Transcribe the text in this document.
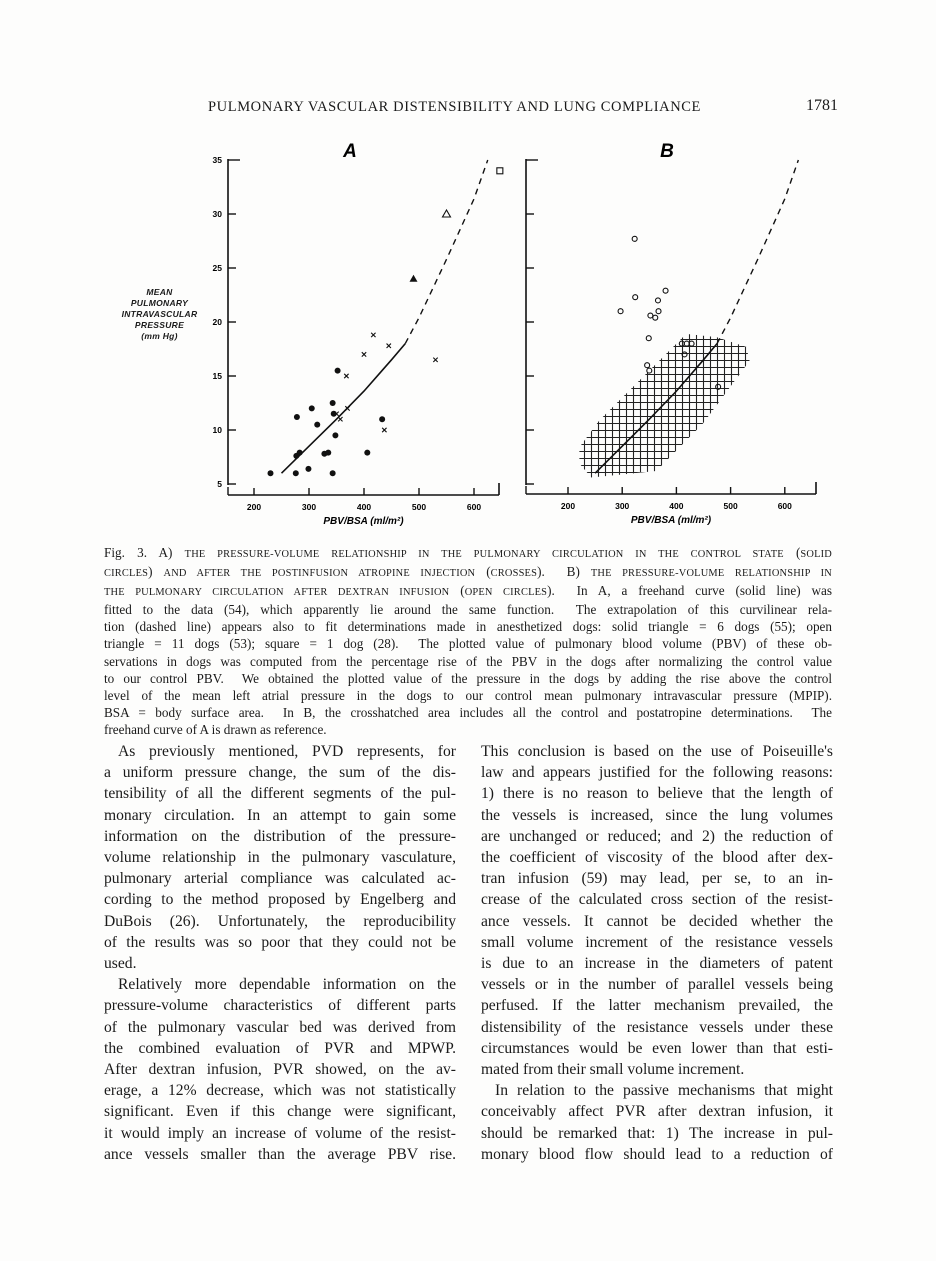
PULMONARY VASCULAR DISTENSIBILITY AND LUNG COMPLIANCE	1781
A
35
30
25
20
15
10
5
200	300	400	500	600
PBV/BSA (ml/m²)
B
200	300	400	500	600
PBV/BSA (ml/m²)
MEAN
PULMONARY
INTRAVASCULAR
PRESSURE
(mm Hg)
Fig. 3. A) THE PRESSURE-VOLUME RELATIONSHIP IN THE PULMONARY CIRCULATION IN THE CONTROL STATE (SOLID
CIRCLES) AND AFTER THE POSTINFUSION ATROPINE INJECTION (CROSSES).  B) THE PRESSURE-VOLUME RELATIONSHIP IN
THE PULMONARY CIRCULATION AFTER DEXTRAN INFUSION (OPEN CIRCLES).  In A, a freehand curve (solid line) was
fitted to the data (54), which apparently lie around the same function.  The extrapolation of this curvilinear rela-
tion (dashed line) appears also to fit determinations made in anesthetized dogs: solid triangle = 6 dogs (55); open
triangle = 11 dogs (53); square = 1 dog (28).  The plotted value of pulmonary blood volume (PBV) of these ob-
servations in dogs was computed from the percentage rise of the PBV in the dogs after normalizing the control value
to our control PBV.  We obtained the plotted value of the pressure in the dogs by adding the rise above the control
level of the mean left atrial pressure in the dogs to our control mean pulmonary intravascular pressure (MPIP).
BSA = body surface area.  In B, the crosshatched area includes all the control and postatropine determinations.  The
freehand curve of A is drawn as reference.
As previously mentioned, PVD represents, for
a uniform pressure change, the sum of the dis-
tensibility of all the different segments of the pul-
monary circulation. In an attempt to gain some
information on the distribution of the pressure-
volume relationship in the pulmonary vasculature,
pulmonary arterial compliance was calculated ac-
cording to the method proposed by Engelberg and
DuBois (26). Unfortunately, the reproducibility
of the results was so poor that they could not be
used.
Relatively more dependable information on the
pressure-volume characteristics of different parts
of the pulmonary vascular bed was derived from
the combined evaluation of PVR and MPWP.
After dextran infusion, PVR showed, on the av-
erage, a 12% decrease, which was not statistically
significant. Even if this change were significant,
it would imply an increase of volume of the resist-
ance vessels smaller than the average PBV rise.
This conclusion is based on the use of Poiseuille's
law and appears justified for the following reasons:
1) there is no reason to believe that the length of
the vessels is increased, since the lung volumes
are unchanged or reduced; and 2) the reduction of
the coefficient of viscosity of the blood after dex-
tran infusion (59) may lead, per se, to an in-
crease of the calculated cross section of the resist-
ance vessels. It cannot be decided whether the
small volume increment of the resistance vessels
is due to an increase in the diameters of patent
vessels or in the number of parallel vessels being
perfused. If the latter mechanism prevailed, the
distensibility of the resistance vessels under these
circumstances would be even lower than that esti-
mated from their small volume increment.
In relation to the passive mechanisms that might
conceivably affect PVR after dextran infusion, it
should be remarked that: 1) The increase in pul-
monary blood flow should lead to a reduction of
